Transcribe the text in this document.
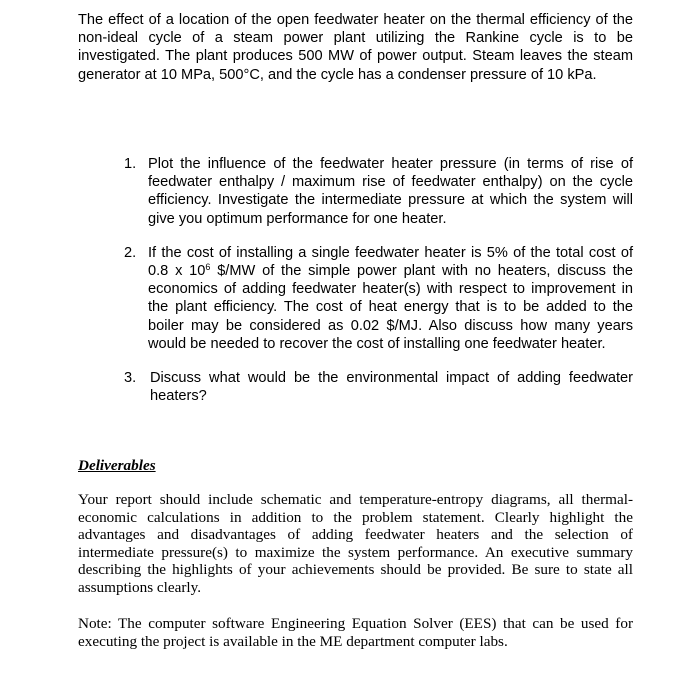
The effect of a location of the open feedwater heater on the thermal efficiency of the non-ideal cycle of a steam power plant utilizing the Rankine cycle is to be investigated. The plant produces 500 MW of power output. Steam leaves the steam generator at 10 MPa, 500°C, and the cycle has a condenser pressure of 10 kPa.

1. Plot the influence of the feedwater heater pressure (in terms of rise of feedwater enthalpy / maximum rise of feedwater enthalpy) on the cycle efficiency. Investigate the intermediate pressure at which the system will give you optimum performance for one heater.
2. If the cost of installing a single feedwater heater is 5% of the total cost of 0.8 x $10^6$ $/MW of the simple power plant with no heaters, discuss the economics of adding feedwater heater(s) with respect to improvement in the plant efficiency. The cost of heat energy that is to be added to the boiler may be considered as 0.02 $/MJ. Also discuss how many years would be needed to recover the cost of installing one feedwater heater.
3. Discuss what would be the environmental impact of adding feedwater heaters?
Deliverables

Your report should include schematic and temperature-entropy diagrams, all thermal-economic calculations in addition to the problem statement. Clearly highlight the advantages and disadvantages of adding feedwater heaters and the selection of intermediate pressure(s) to maximize the system performance. An executive summary describing the highlights of your achievements should be provided. Be sure to state all assumptions clearly.

Note: The computer software Engineering Equation Solver (EES) that can be used for executing the project is available in the ME department computer labs.
